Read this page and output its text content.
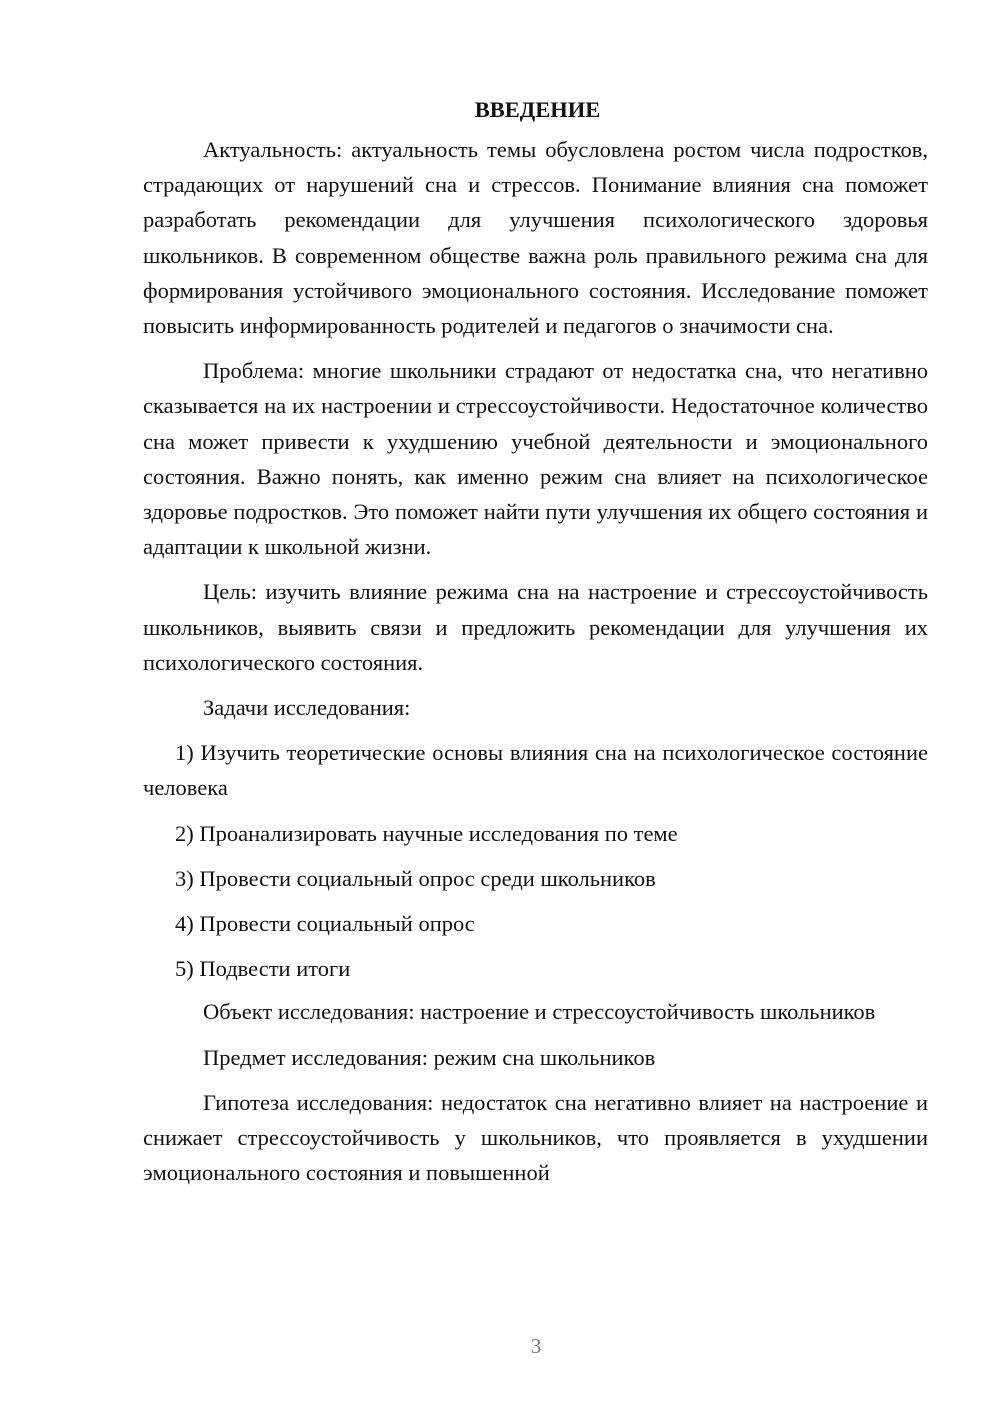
ВВЕДЕНИЕ

Актуальность: актуальность темы обусловлена ростом числа подростков, страдающих от нарушений сна и стрессов. Понимание влияния сна поможет разработать рекомендации для улучшения психологического здоровья школьников. В современном обществе важна роль правильного режима сна для формирования устойчивого эмоционального состояния. Исследование поможет повысить информированность родителей и педагогов о значимости сна.

Проблема: многие школьники страдают от недостатка сна, что негативно сказывается на их настроении и стрессоустойчивости. Недостаточное количество сна может привести к ухудшению учебной деятельности и эмоционального состояния. Важно понять, как именно режим сна влияет на психологическое здоровье подростков. Это поможет найти пути улучшения их общего состояния и адаптации к школьной жизни.

Цель: изучить влияние режима сна на настроение и стрессоустойчивость школьников, выявить связи и предложить рекомендации для улучшения их психологического состояния.

Задачи исследования:

1) Изучить теоретические основы влияния сна на психологическое состояние человека

2) Проанализировать научные исследования по теме

3) Провести социальный опрос среди школьников

4) Провести социальный опрос

5) Подвести итоги

Объект исследования: настроение и стрессоустойчивость школьников

Предмет исследования: режим сна школьников

Гипотеза исследования: недостаток сна негативно влияет на настроение и снижает стрессоустойчивость у школьников, что проявляется в ухудшении эмоционального состояния и повышенной

3
